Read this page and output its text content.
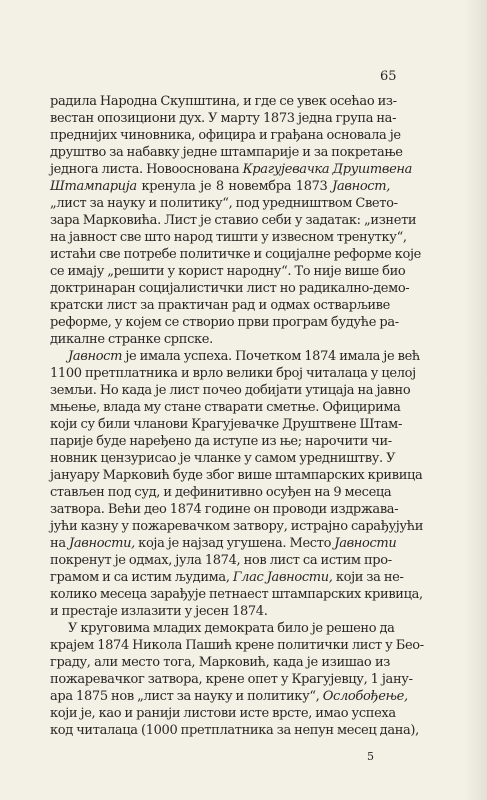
65
радила Народна Скупштина, и где се увек осећао из-
вестан опозициони дух. У марту 1873 једна група на-
преднијих чиновника, официра и грађана основала је
друштво за набавку једне штампарије и за покретање
једнога листа. Новооснована Крагујевачка Друштвена
Штампарија кренула је 8 новембра 1873 Јавност,
„лист за науку и политику“, под уредништвом Свето-
зара Марковића. Лист је ставио себи у задатак: „изнети
на јавност све што народ тишти у извесном тренутку“,
истаћи све потребе политичке и социјалне реформе које
се имају „решити у корист народну“. То није више био
доктринаран социјалистички лист но радикално-демо-
кратски лист за практичан рад и одмах остварљиве
реформе, у којем се створио први програм будуће ра-
дикалне странке српске.
Јавност је имала успеха. Почетком 1874 имала је већ
1100 претплатника и врло велики број читалаца у целој
земљи. Но када је лист почео добијати утицаја на јавно
мњење, влада му стане стварати сметње. Официрима
који су били чланови Крагујевачке Друштвене Штам-
парије буде наређено да иступе из ње; нарочити чи-
новник цензурисао је чланке у самом уредништву. У
јануару Марковић буде због више штампарских кривица
стављен под суд, и дефинитивно осуђен на 9 месеца
затвора. Већи део 1874 године он проводи издржава-
јући казну у пожаревачком затвору, истрајно сарађујући
на Јавности, која је најзад угушена. Место Јавности
покренут је одмах, јула 1874, нов лист са истим про-
грамом и са истим људима, Глас Јавности, који за не-
колико месеца зарађује петнаест штампарских кривица,
и престаје излазити у јесен 1874.
У круговима младих демократа било је решено да
крајем 1874 Никола Пашић крене политички лист у Бео-
граду, али место тога, Марковић, када је изишао из
пожаревачког затвора, крене опет у Крагујевцу, 1 јану-
ара 1875 нов „лист за науку и политику“, Ослобођење,
који је, као и ранији листови исте врсте, имао успеха
код читалаца (1000 претплатника за непун месец дана),
5
